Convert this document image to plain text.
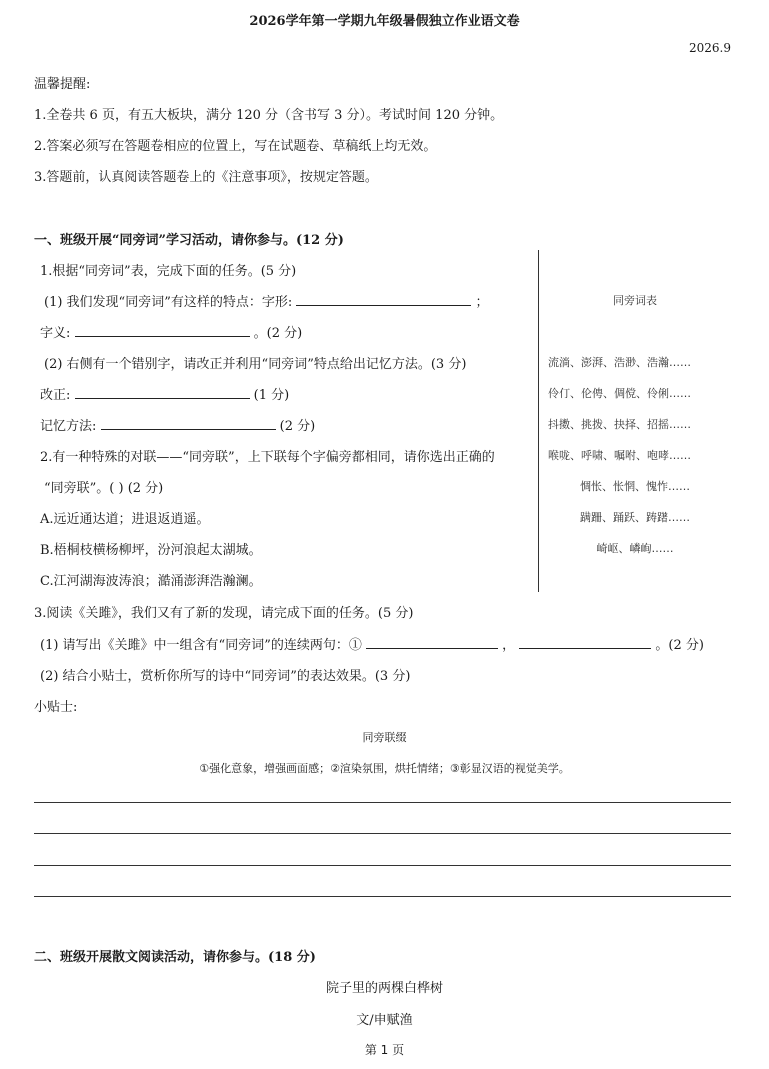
2026学年第一学期九年级暑假独立作业语文卷
2026.9
温馨提醒:
1.全卷共 6 页，有五大板块，满分 120 分（含书写 3 分）。考试时间 120 分钟。
2.答案必须写在答题卷相应的位置上，写在试题卷、草稿纸上均无效。
3.答题前，认真阅读答题卷上的《注意事项》，按规定答题。
一、班级开展“同旁词”学习活动，请你参与。(12 分)
1.根据“同旁词”表，完成下面的任务。(5 分)
(1) 我们发现“同旁词”有这样的特点：字形:	；
字义:	。(2 分)
(2) 右侧有一个错别字，请改正并利用“同旁词”特点给出记忆方法。(3 分)
改正:	(1 分)
记忆方法:	(2 分)
2.有一种特殊的对联——“同旁联”，上下联每个字偏旁都相同，请你选出正确的
“同旁联”。( ) (2 分)
A.远近通达道；进退返逍遥。
B.梧桐枝横杨柳坪，汾河浪起太湖城。
C.江河湖海波涛浪；澔涌澎湃浩瀚澜。
同旁词表
流淌、澎湃、浩渺、浩瀚……
伶仃、伦俜、倜傥、伶俐……
抖擞、挑拨、抉择、招摇……
喉咙、呼啸、嘱咐、咆哮……
惆怅、怅惘、愧怍……
蹒跚、踊跃、踌躇……
崎岖、嶙峋……
3.阅读《关雎》，我们又有了新的发现，请完成下面的任务。(5 分)
(1) 请写出《关雎》中一组含有“同旁词”的连续两句：①	，	。(2 分)
(2) 结合小贴士，赏析你所写的诗中“同旁词”的表达效果。(3 分)
小贴士:
同旁联缀
①强化意象，增强画面感；②渲染氛围，烘托情绪；③彰显汉语的视觉美学。
二、班级开展散文阅读活动，请你参与。(18 分)
院子里的两棵白桦树
文/申赋渔
第 1 页
